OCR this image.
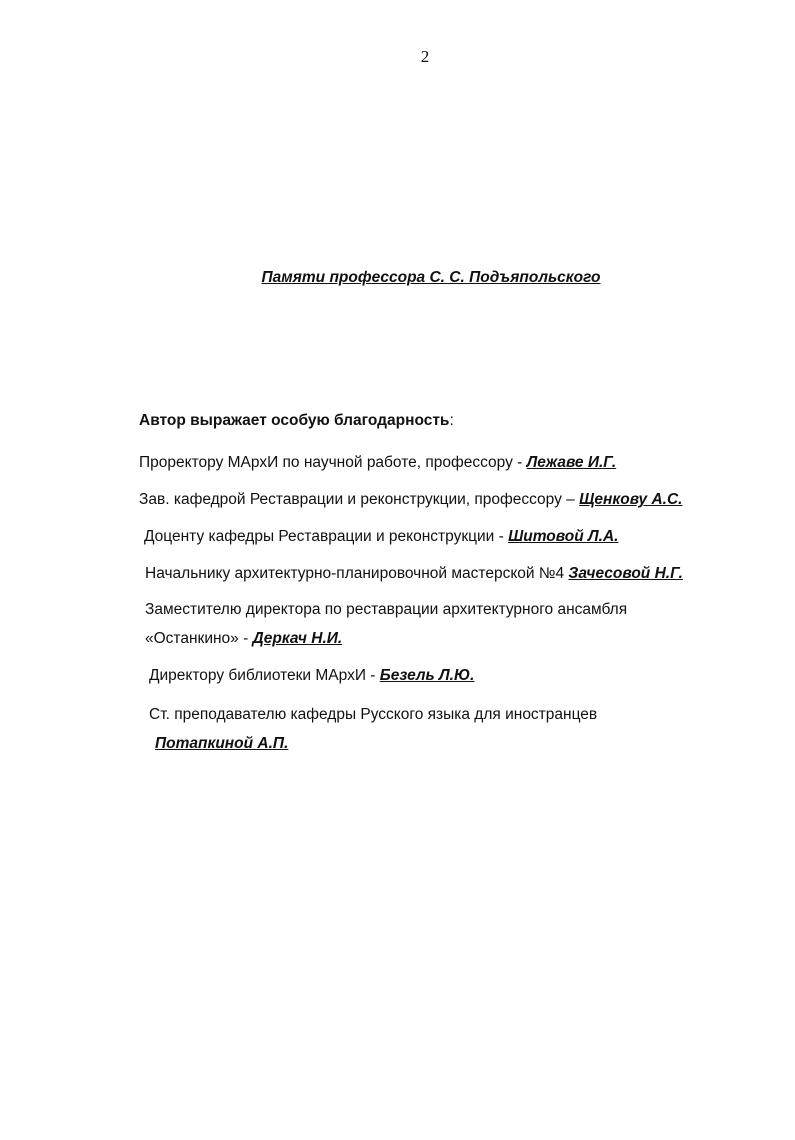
2
Памяти профессора С. С. Подъяпольского
Автор выражает особую благодарность:
Проректору МАрхИ по научной работе, профессору - Лежаве И.Г.
Зав. кафедрой Реставрации и реконструкции, профессору – Щенкову А.С.
Доценту кафедры Реставрации и реконструкции - Шитовой Л.А.
Начальнику архитектурно-планировочной мастерской №4 Зачесовой Н.Г.
Заместителю директора по реставрации архитектурного ансамбля
«Останкино» - Деркач Н.И.
Директору библиотеки МАрхИ - Безель Л.Ю.
Ст. преподавателю кафедры Русского языка для иностранцев
Потапкиной А.П.
